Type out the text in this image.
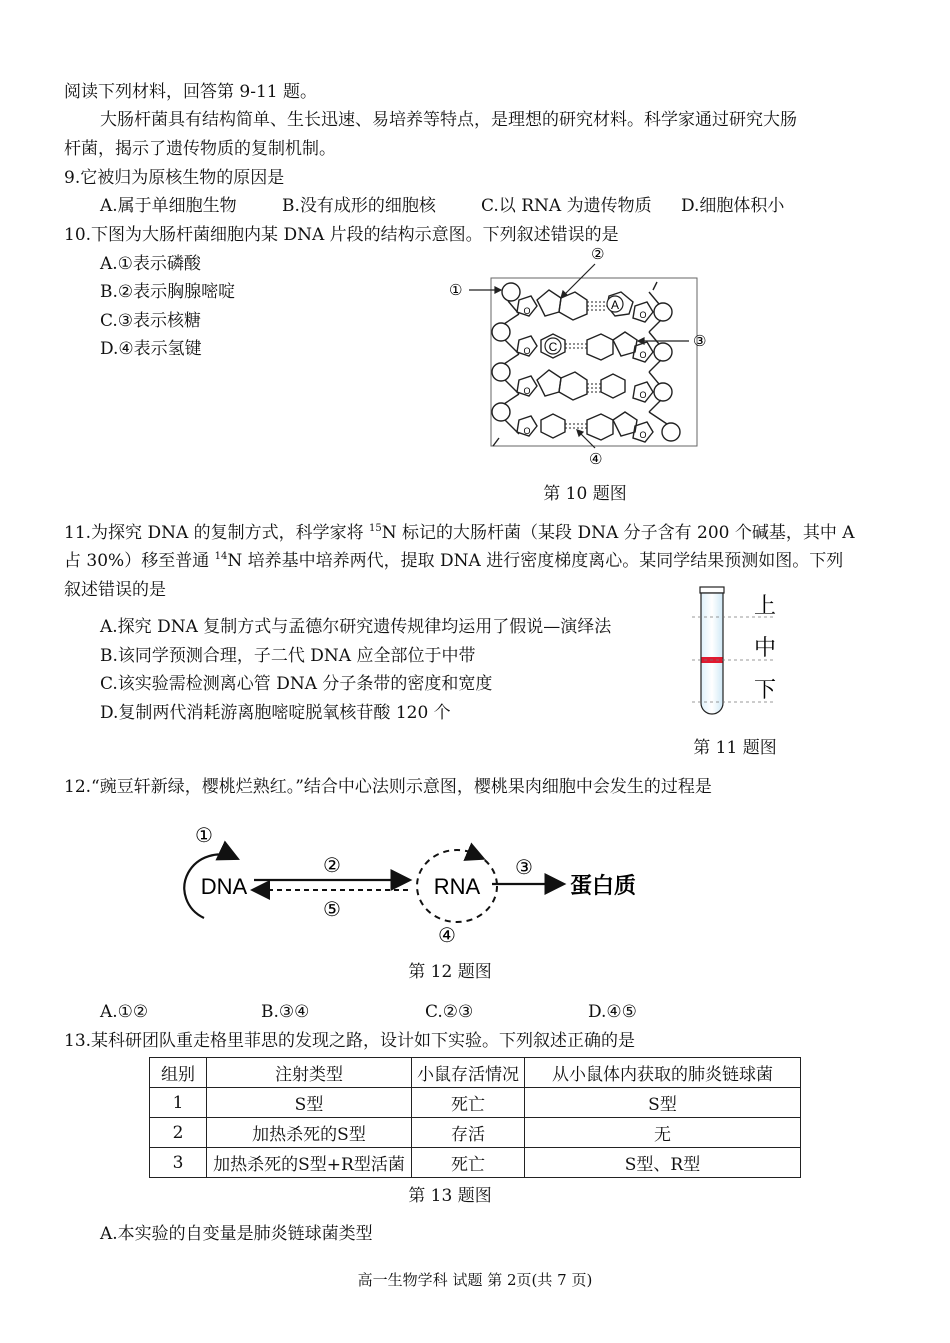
阅读下列材料，回答第 9-11 题。
大肠杆菌具有结构简单、生长迅速、易培养等特点，是理想的研究材料。科学家通过研究大肠
杆菌，揭示了遗传物质的复制机制。
9.它被归为原核生物的原因是
A.属于单细胞生物	B.没有成形的细胞核	C.以 RNA 为遗传物质 D.细胞体积小
10.下图为大肠杆菌细胞内某 DNA 片段的结构示意图。下列叙述错误的是
A.①表示磷酸
B.②表示胸腺嘧啶
C.③表示核糖
D.④表示氢键
A
C
O
O
O
O
O
O
O
O
①
②
③
④
第 10 题图
11.为探究 DNA 的复制方式，科学家将 $^{15}$N 标记的大肠杆菌（某段 DNA 分子含有 200 个碱基，其中 A
占 30%）移至普通 $^{14}$N 培养基中培养两代，提取 DNA 进行密度梯度离心。某同学结果预测如图。下列
叙述错误的是
A.探究 DNA 复制方式与孟德尔研究遗传规律均运用了假说—演绎法
B.该同学预测合理，子二代 DNA 应全部位于中带
C.该实验需检测离心管 DNA 分子条带的密度和宽度
D.复制两代消耗游离胞嘧啶脱氧核苷酸 120 个
上
中
下
第 11 题图
12.“豌豆轩新绿，樱桃烂熟红。”结合中心法则示意图，樱桃果肉细胞中会发生的过程是
DNA	RNA	蛋白质
①
②	③
④
⑤
第 12 题图
A.①②	B.③④	C.②③	D.④⑤
13.某科研团队重走格里菲思的发现之路，设计如下实验。下列叙述正确的是
组别	注射类型	小鼠存活情况	从小鼠体内获取的肺炎链球菌
1	S型	死亡	S型
2	加热杀死的S型	存活	无
3	加热杀死的S型+R型活菌	死亡	S型、R型
第 13 题图
A.本实验的自变量是肺炎链球菌类型
高一生物学科 试题 第 2页(共 7 页)
